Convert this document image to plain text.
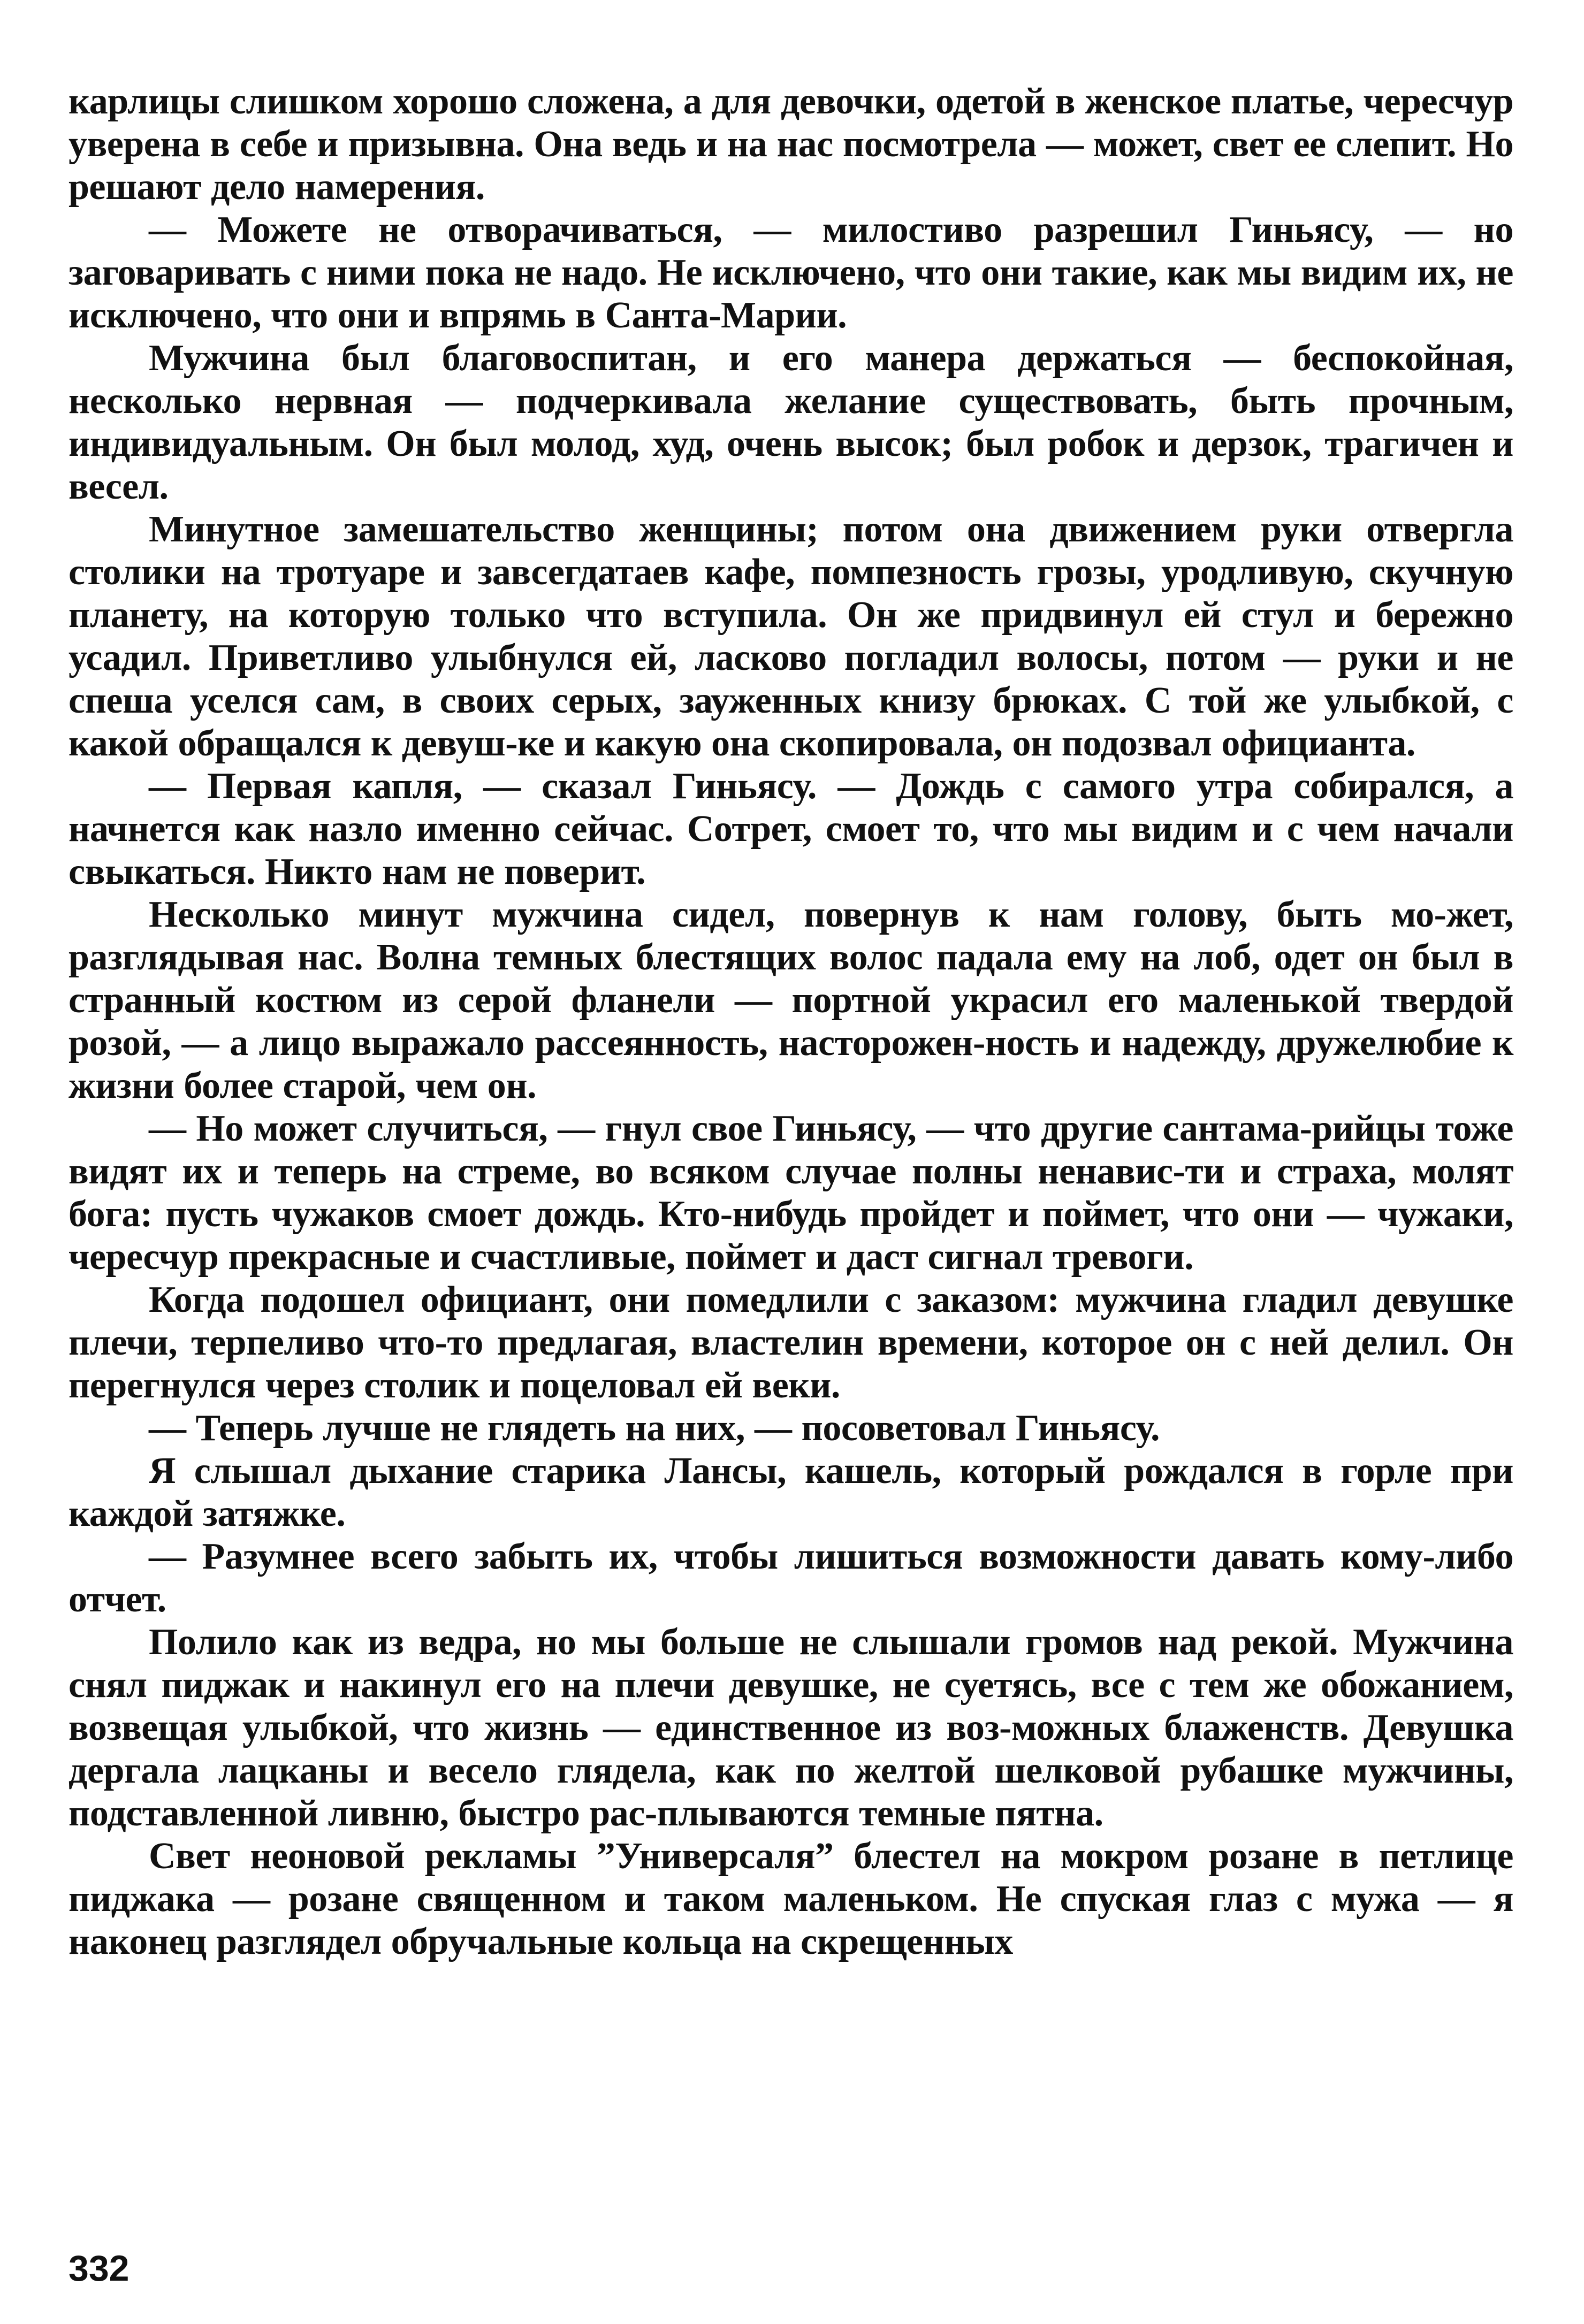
карлицы слишком хорошо сложена, а для девочки, одетой в женское платье, чересчур уверена в себе и призывна. Она ведь и на нас посмотрела — может, свет ее слепит. Но решают дело намерения.

— Можете не отворачиваться, — милостиво разрешил Гиньясу, — но заговаривать с ними пока не надо. Не исключено, что они такие, как мы видим их, не исключено, что они и впрямь в Санта-Марии.

Мужчина был благовоспитан, и его манера держаться — беспокойная, несколько нервная — подчеркивала желание существовать, быть прочным, индивидуальным. Он был молод, худ, очень высок; был робок и дерзок, трагичен и весел.

Минутное замешательство женщины; потом она движением руки отвергла столики на тротуаре и завсегдатаев кафе, помпезность грозы, уродливую, скучную планету, на которую только что вступила. Он же придвинул ей стул и бережно усадил. Приветливо улыбнулся ей, ласково погладил волосы, потом — руки и не спеша уселся сам, в своих серых, зауженных книзу брюках. С той же улыбкой, с какой обращался к девуш-ке и какую она скопировала, он подозвал официанта.

— Первая капля, — сказал Гиньясу. — Дождь с самого утра собирался, а начнется как назло именно сейчас. Сотрет, смоет то, что мы видим и с чем начали свыкаться. Никто нам не поверит.

Несколько минут мужчина сидел, повернув к нам голову, быть мо-жет, разглядывая нас. Волна темных блестящих волос падала ему на лоб, одет он был в странный костюм из серой фланели — портной украсил его маленькой твердой розой, — а лицо выражало рассеянность, насторожен-ность и надежду, дружелюбие к жизни более старой, чем он.

— Но может случиться, — гнул свое Гиньясу, — что другие сантама-рийцы тоже видят их и теперь на стреме, во всяком случае полны ненавис-ти и страха, молят бога: пусть чужаков смоет дождь. Кто-нибудь пройдет и поймет, что они — чужаки, чересчур прекрасные и счастливые, поймет и даст сигнал тревоги.

Когда подошел официант, они помедлили с заказом: мужчина гладил девушке плечи, терпеливо что-то предлагая, властелин времени, которое он с ней делил. Он перегнулся через столик и поцеловал ей веки.

— Теперь лучше не глядеть на них, — посоветовал Гиньясу.

Я слышал дыхание старика Лансы, кашель, который рождался в горле при каждой затяжке.

— Разумнее всего забыть их, чтобы лишиться возможности давать кому-либо отчет.

Полило как из ведра, но мы больше не слышали громов над рекой. Мужчина снял пиджак и накинул его на плечи девушке, не суетясь, все с тем же обожанием, возвещая улыбкой, что жизнь — единственное из воз-можных блаженств. Девушка дергала лацканы и весело глядела, как по желтой шелковой рубашке мужчины, подставленной ливню, быстро рас-плываются темные пятна.

Свет неоновой рекламы ”Универсаля” блестел на мокром розане в петлице пиджака — розане священном и таком маленьком. Не спуская глаз с мужа — я наконец разглядел обручальные кольца на скрещенных

332
